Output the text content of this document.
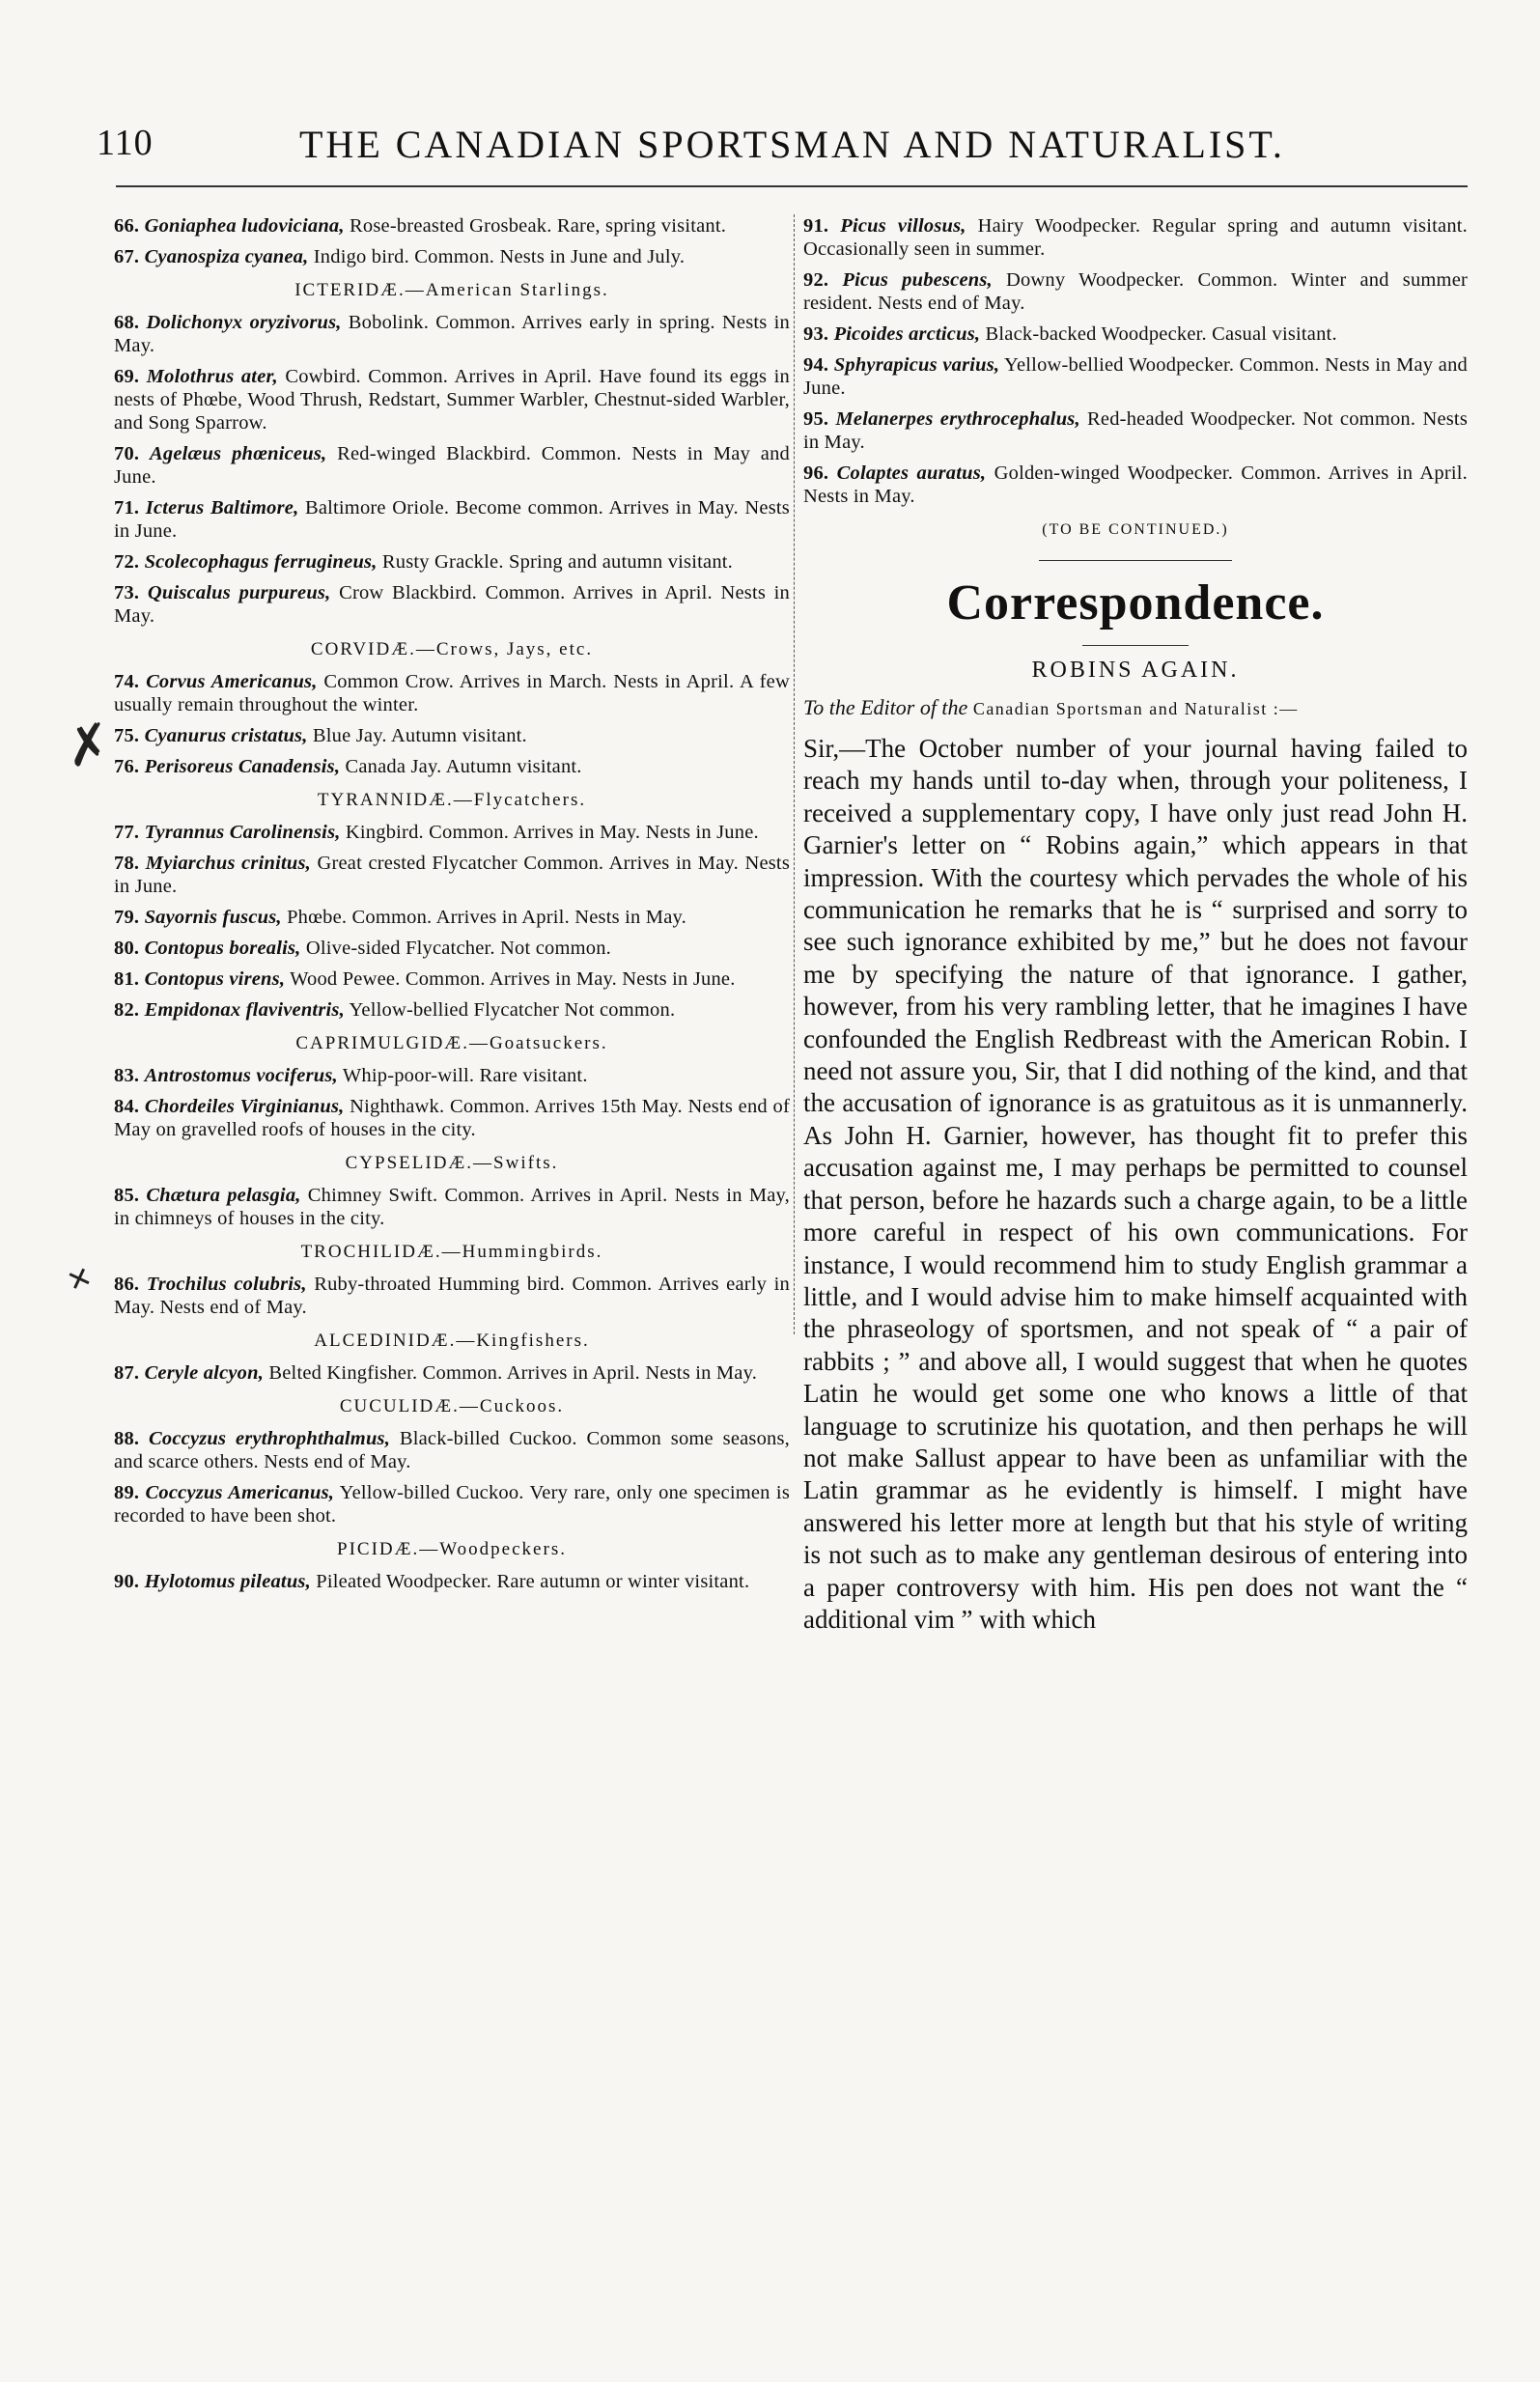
110	THE CANADIAN SPORTSMAN AND NATURALIST.

66. Goniaphea ludoviciana, Rose-breasted Grosbeak. Rare, spring visitant.

67. Cyanospiza cyanea, Indigo bird. Common. Nests in June and July.

ICTERIDÆ.—American Starlings.

68. Dolichonyx oryzivorus, Bobolink. Common. Arrives early in spring. Nests in May.

69. Molothrus ater, Cowbird. Common. Arrives in April. Have found its eggs in nests of Phœbe, Wood Thrush, Redstart, Summer Warbler, Chestnut-sided Warbler, and Song Sparrow.

70. Agelæus phœniceus, Red-winged Blackbird. Common. Nests in May and June.

71. Icterus Baltimore, Baltimore Oriole. Become common. Arrives in May. Nests in June.

72. Scolecophagus ferrugineus, Rusty Grackle. Spring and autumn visitant.

73. Quiscalus purpureus, Crow Blackbird. Common. Arrives in April. Nests in May.

CORVIDÆ.—Crows, Jays, etc.

74. Corvus Americanus, Common Crow. Arrives in March. Nests in April. A few usually remain throughout the winter.

75. Cyanurus cristatus, Blue Jay. Autumn visitant.

76. Perisoreus Canadensis, Canada Jay. Autumn visitant.

TYRANNIDÆ.—Flycatchers.

77. Tyrannus Carolinensis, Kingbird. Common. Arrives in May. Nests in June.

78. Myiarchus crinitus, Great crested Flycatcher Common. Arrives in May. Nests in June.

79. Sayornis fuscus, Phœbe. Common. Arrives in April. Nests in May.

80. Contopus borealis, Olive-sided Flycatcher. Not common.

81. Contopus virens, Wood Pewee. Common. Arrives in May. Nests in June.

82. Empidonax flaviventris, Yellow-bellied Flycatcher Not common.

CAPRIMULGIDÆ.—Goatsuckers.

83. Antrostomus vociferus, Whip-poor-will. Rare visitant.

84. Chordeiles Virginianus, Nighthawk. Common. Arrives 15th May. Nests end of May on gravelled roofs of houses in the city.

CYPSELIDÆ.—Swifts.

85. Chætura pelasgia, Chimney Swift. Common. Arrives in April. Nests in May, in chimneys of houses in the city.

TROCHILIDÆ.—Hummingbirds.

86. Trochilus colubris, Ruby-throated Humming bird. Common. Arrives early in May. Nests end of May.

ALCEDINIDÆ.—Kingfishers.

87. Ceryle alcyon, Belted Kingfisher. Common. Arrives in April. Nests in May.

CUCULIDÆ.—Cuckoos.

88. Coccyzus erythrophthalmus, Black-billed Cuckoo. Common some seasons, and scarce others. Nests end of May.

89. Coccyzus Americanus, Yellow-billed Cuckoo. Very rare, only one specimen is recorded to have been shot.

PICIDÆ.—Woodpeckers.

90. Hylotomus pileatus, Pileated Woodpecker. Rare autumn or winter visitant.

91. Picus villosus, Hairy Woodpecker. Regular spring and autumn visitant. Occasionally seen in summer.

92. Picus pubescens, Downy Woodpecker. Common. Winter and summer resident. Nests end of May.

93. Picoides arcticus, Black-backed Woodpecker. Casual visitant.

94. Sphyrapicus varius, Yellow-bellied Woodpecker. Common. Nests in May and June.

95. Melanerpes erythrocephalus, Red-headed Woodpecker. Not common. Nests in May.

96. Colaptes auratus, Golden-winged Woodpecker. Common. Arrives in April. Nests in May.

(TO BE CONTINUED.)
Correspondence.
ROBINS AGAIN.

To the Editor of the Canadian Sportsman and Naturalist :—

Sir,—The October number of your journal having failed to reach my hands until to-day when, through your politeness, I received a supplementary copy, I have only just read John H. Garnier's letter on “ Robins again,” which appears in that impression. With the courtesy which pervades the whole of his communication he remarks that he is “ surprised and sorry to see such ignorance exhibited by me,” but he does not favour me by specifying the nature of that ignorance. I gather, however, from his very rambling letter, that he imagines I have confounded the English Redbreast with the American Robin. I need not assure you, Sir, that I did nothing of the kind, and that the accusation of ignorance is as gratuitous as it is unmannerly. As John H. Garnier, however, has thought fit to prefer this accusation against me, I may perhaps be permitted to counsel that person, before he hazards such a charge again, to be a little more careful in respect of his own communications. For instance, I would recommend him to study English grammar a little, and I would advise him to make himself acquainted with the phraseology of sportsmen, and not speak of “ a pair of rabbits ; ” and above all, I would suggest that when he quotes Latin he would get some one who knows a little of that language to scrutinize his quotation, and then perhaps he will not make Sallust appear to have been as unfamiliar with the Latin grammar as he evidently is himself. I might have answered his letter more at length but that his style of writing is not such as to make any gentleman desirous of entering into a paper controversy with him. His pen does not want the “ additional vim ” with which

✗
✕
